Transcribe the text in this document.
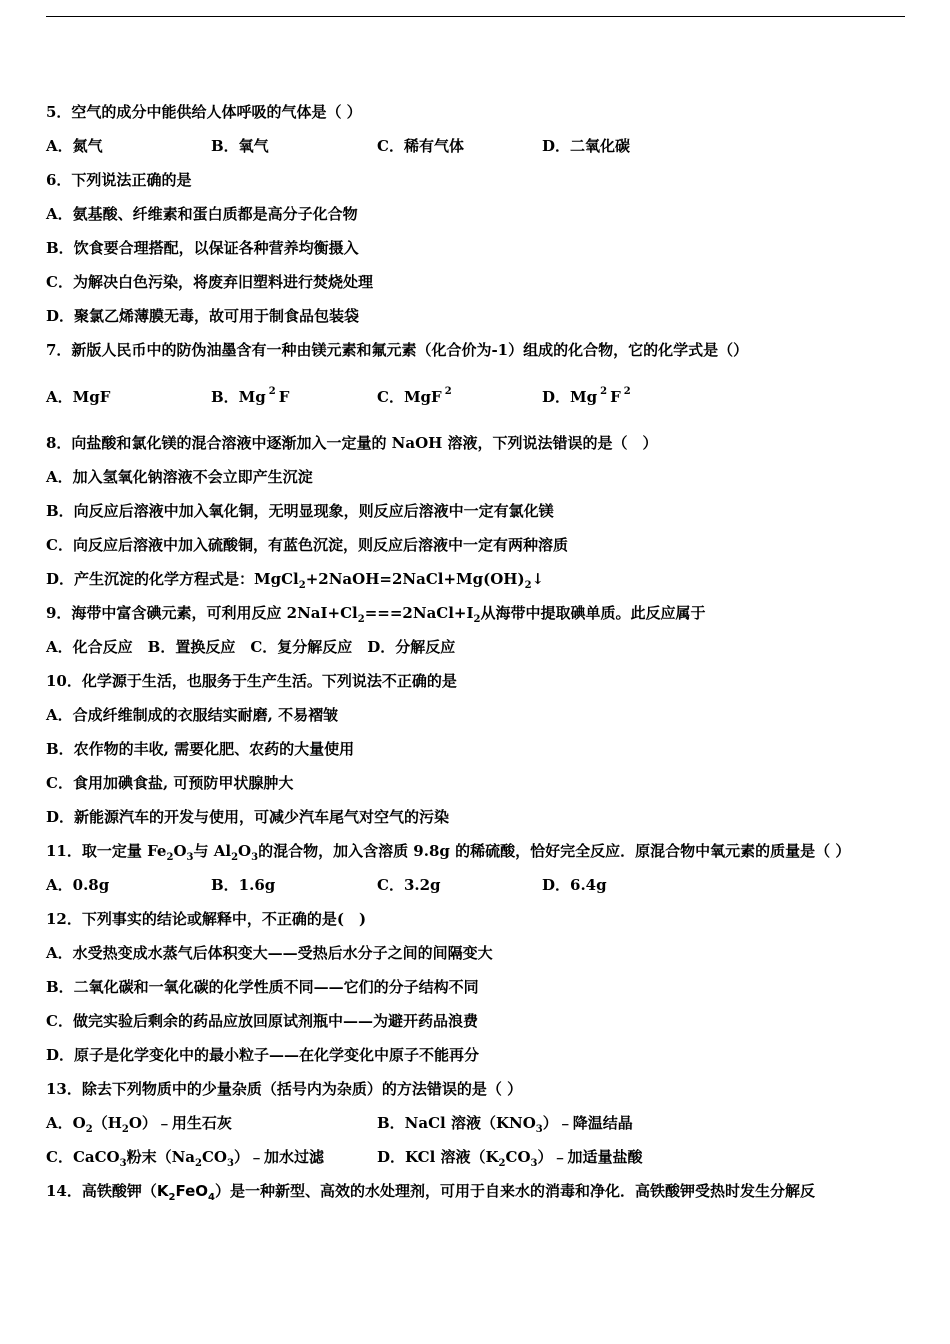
5．空气的成分中能供给人体呼吸的气体是（ ）
A．氮气	B．氧气	C．稀有气体	D．二氧化碳
6．下列说法正确的是
A．氨基酸、纤维素和蛋白质都是高分子化合物
B．饮食要合理搭配，以保证各种营养均衡摄入
C．为解决白色污染，将废弃旧塑料进行焚烧处理
D．聚氯乙烯薄膜无毒，故可用于制食品包装袋
7．新版人民币中的防伪油墨含有一种由镁元素和氟元素（化合价为-1）组成的化合物，它的化学式是（）
A．MgF	B．Mg $^2$ F	C．MgF $^2$	D．Mg $^2$ F $^2$
8．向盐酸和氯化镁的混合溶液中逐渐加入一定量的 NaOH 溶液，下列说法错误的是（　）
A．加入氢氧化钠溶液不会立即产生沉淀
B．向反应后溶液中加入氧化铜，无明显现象，则反应后溶液中一定有氯化镁
C．向反应后溶液中加入硫酸铜，有蓝色沉淀，则反应后溶液中一定有两种溶质
D．产生沉淀的化学方程式是：$MgCl_2+2NaOH=2NaCl+Mg(OH)_2↓$
9．海带中富含碘元素，可利用反应 $2NaI+Cl_2===2NaCl+I_2$从海带中提取碘单质。此反应属于
A．化合反应　B．置换反应　C．复分解反应　D．分解反应
10．化学源于生活，也服务于生产生活。下列说法不正确的是
A．合成纤维制成的衣服结实耐磨, 不易褶皱
B．农作物的丰收, 需要化肥、农药的大量使用
C．食用加碘食盐, 可预防甲状腺肿大
D．新能源汽车的开发与使用，可减少汽车尾气对空气的污染
11．取一定量 $Fe_2O_3$与 $Al_2O_3$的混合物，加入含溶质 9.8g 的稀硫酸，恰好完全反应．原混合物中氧元素的质量是（ ）
A．0.8g	B．1.6g	C．3.2g	D．6.4g
12．下列事实的结论或解释中，不正确的是(　)
A．水受热变成水蒸气后体积变大——受热后水分子之间的间隔变大
B．二氧化碳和一氧化碳的化学性质不同——它们的分子结构不同
C．做完实验后剩余的药品应放回原试剂瓶中——为避开药品浪费
D．原子是化学变化中的最小粒子——在化学变化中原子不能再分
13．除去下列物质中的少量杂质（括号内为杂质）的方法错误的是（ ）
A．$O_2(H_2O)﹣$用生石灰	B．NaCl 溶液$(KNO_3)﹣$降温结晶
C．CaCO$_3$粉末$(Na_2CO_3)﹣$加水过滤	D．KCl 溶液$(K_2CO_3)﹣$加适量盐酸
14．高铁酸钾$(K_2FeO_4)$是一种新型、高效的水处理剂，可用于自来水的消毒和净化．高铁酸钾受热时发生分解反
